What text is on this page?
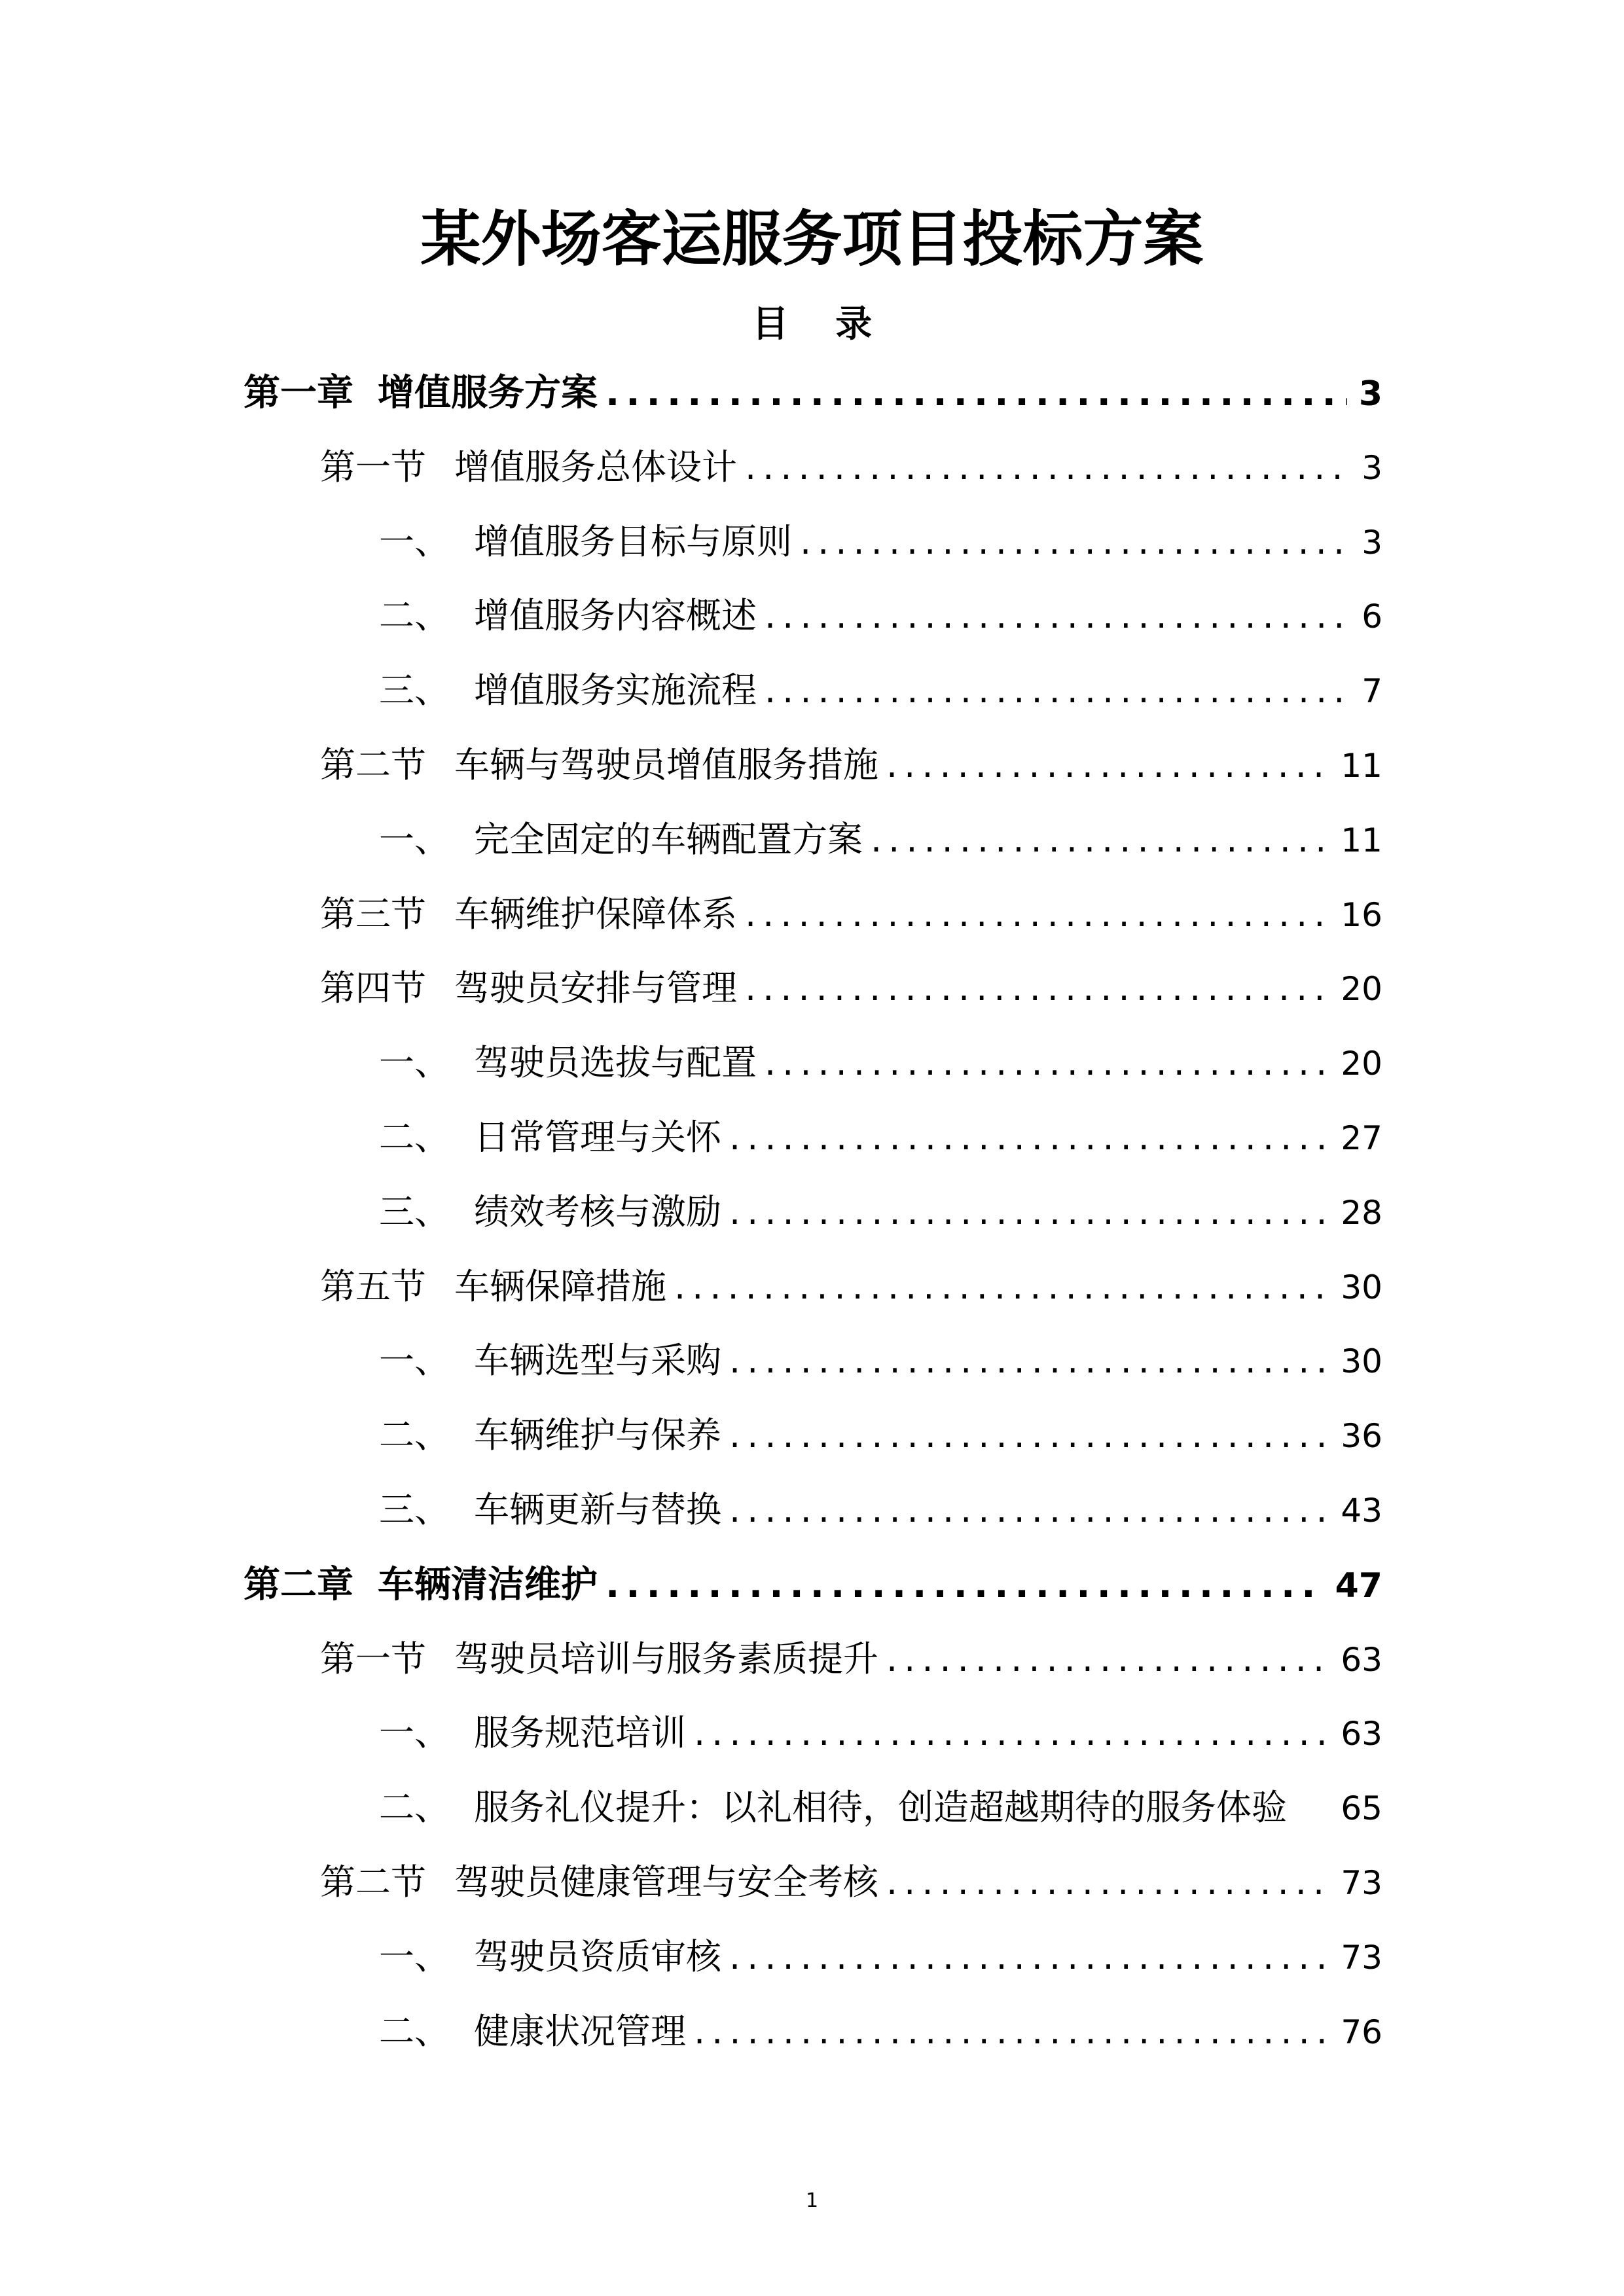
某外场客运服务项目投标方案
目 录
第一章 增值服务方案 .....	3
第一节 增值服务总体设计 .....	3
一、 增值服务目标与原则 .....	3
二、 增值服务内容概述 .....	6
三、 增值服务实施流程 .....	7
第二节 车辆与驾驶员增值服务措施 .....	11
一、 完全固定的车辆配置方案 .....	11
第三节 车辆维护保障体系 .....	16
第四节 驾驶员安排与管理 .....	20
一、 驾驶员选拔与配置 .....	20
二、 日常管理与关怀 .....	27
三、 绩效考核与激励 .....	28
第五节 车辆保障措施 .....	30
一、 车辆选型与采购 .....	30
二、 车辆维护与保养 .....	36
三、 车辆更新与替换 .....	43
第二章 车辆清洁维护 .....	47
第一节 驾驶员培训与服务素质提升 .....	63
一、 服务规范培训 .....	63
二、 服务礼仪提升：以礼相待，创造超越期待的服务体验 65
第二节 驾驶员健康管理与安全考核 .....	73
一、 驾驶员资质审核 .....	73
二、 健康状况管理 .....	76
1
